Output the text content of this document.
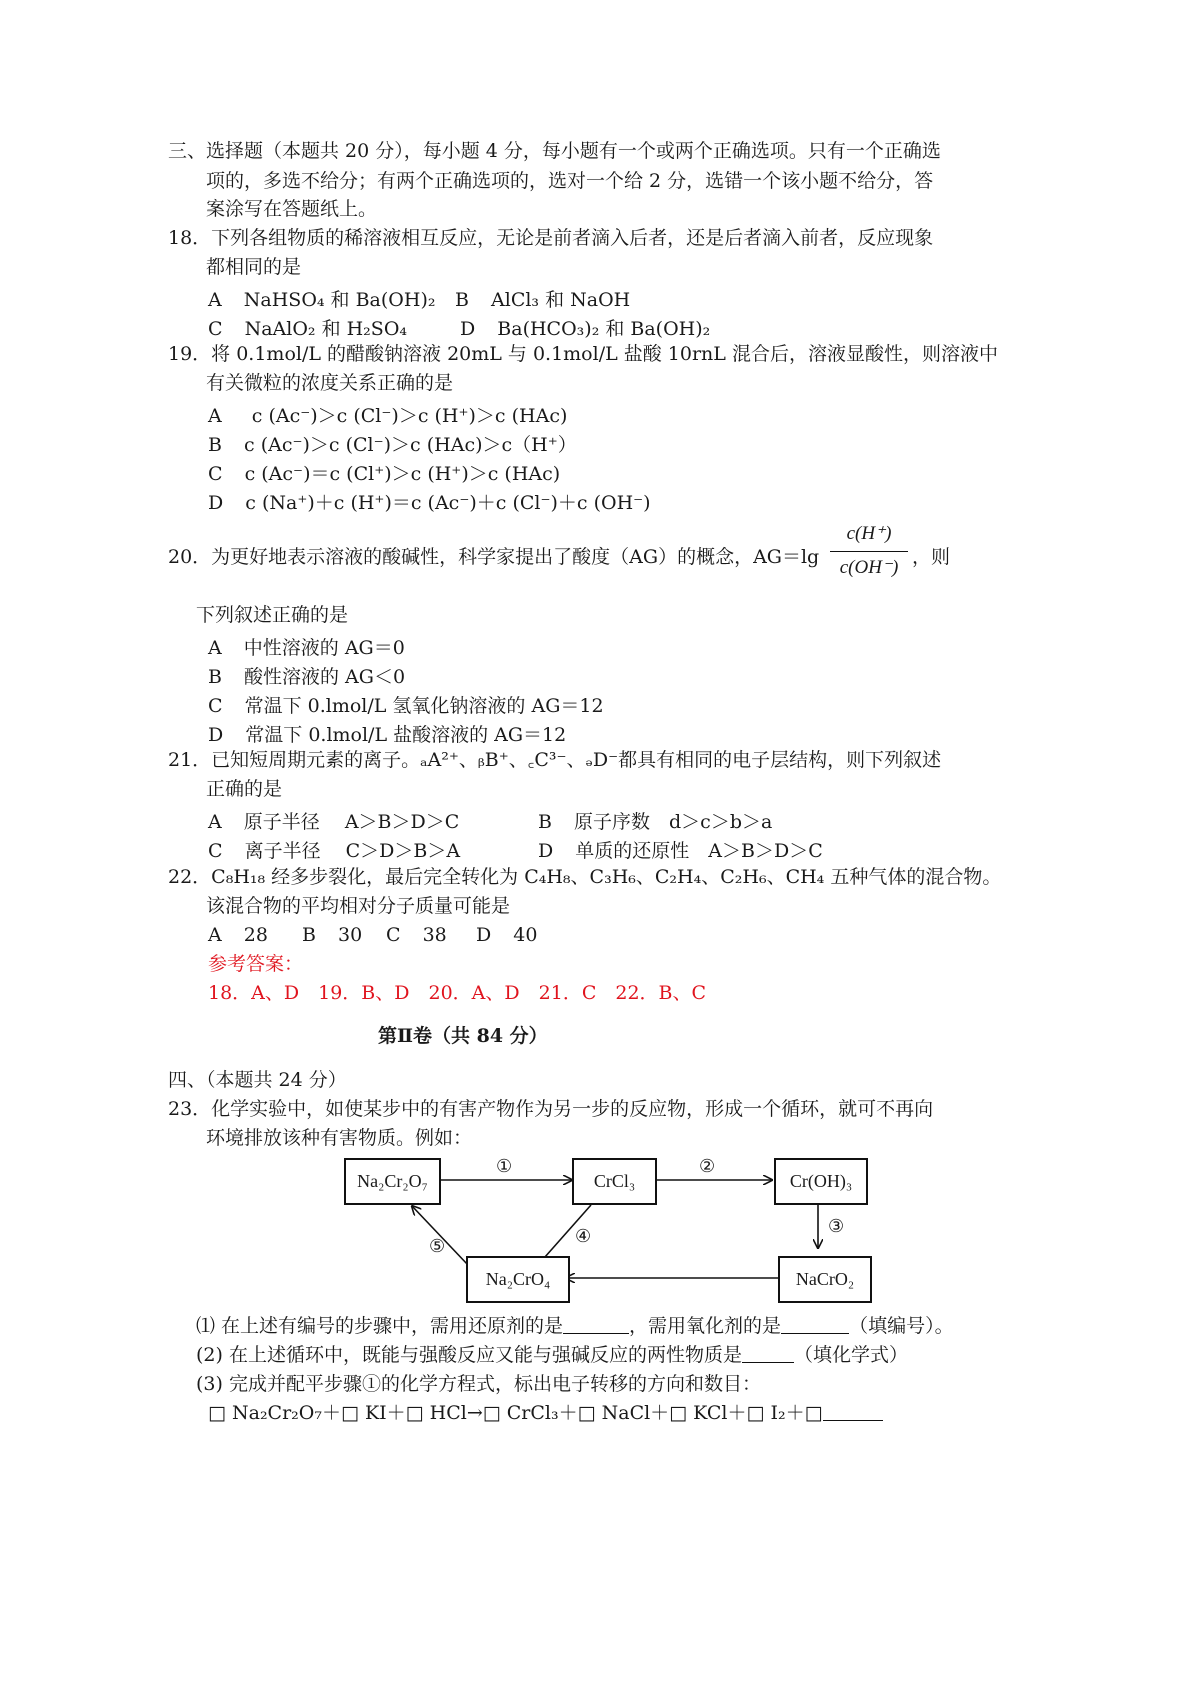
三、选择题（本题共 20 分），每小题 4 分，每小题有一个或两个正确选项。只有一个正确选
项的，多选不给分；有两个正确选项的，选对一个给 2 分，选错一个该小题不给分，答
案涂写在答题纸上。
18．下列各组物质的稀溶液相互反应，无论是前者滴入后者，还是后者滴入前者，反应现象
都相同的是
A NaHSO₄ 和 Ba(OH)₂ B AlCl₃ 和 NaOH
C NaAlO₂ 和 H₂SO₄	D Ba(HCO₃)₂ 和 Ba(OH)₂
19．将 0.1mol/L 的醋酸钠溶液 20mL 与 0.1mol/L 盐酸 10rnL 混合后，溶液显酸性，则溶液中
有关微粒的浓度关系正确的是
A c (Ac⁻)＞c (Cl⁻)＞c (H⁺)＞c (HAc)
B c (Ac⁻)＞c (Cl⁻)＞c (HAc)＞c（H⁺）
C c (Ac⁻)＝c (Cl⁺)＞c (H⁺)＞c (HAc)
D c (Na⁺)＋c (H⁺)＝c (Ac⁻)＋c (Cl⁻)＋c (OH⁻)
20．为更好地表示溶液的酸碱性，科学家提出了酸度（AG）的概念，AG＝lg
c(H⁺)
c(OH⁻) ，则
下列叙述正确的是
A 中性溶液的 AG＝0
B 酸性溶液的 AG＜0
C 常温下 0.lmol/L 氢氧化钠溶液的 AG＝12
D 常温下 0.lmol/L 盐酸溶液的 AG＝12
21．已知短周期元素的离子。ₐA²⁺、ᵦB⁺、꜀C³⁻、ₔD⁻都具有相同的电子层结构，则下列叙述
正确的是
A 原子半径　 A＞B＞D＞C	B 原子序数　d＞c＞b＞a
C 离子半径　 C＞D＞B＞A	D 单质的还原性　A＞B＞D＞C
22．C₈H₁₈ 经多步裂化，最后完全转化为 C₄H₈、C₃H₆、C₂H₄、C₂H₆、CH₄ 五种气体的混合物。
该混合物的平均相对分子质量可能是
A 28 B 30 C 38 D 40
参考答案：
18．A、D　19．B、D　20．A、D　21．C　22．B、C
第Ⅱ卷（共 84 分）
四、（本题共 24 分）
23．化学实验中，如使某步中的有害产物作为另一步的反应物，形成一个循环，就可不再向
环境排放该种有害物质。例如：
Na₂Cr₂O₇	CrCl₃	Cr(OH)₃
Na₂CrO₄	NaCrO₂
①	②
③
④
⑤
⑴ 在上述有编号的步骤中，需用还原剂的是	，需用氧化剂的是	（填编号）。
(2) 在上述循环中，既能与强酸反应又能与强碱反应的两性物质是	（填化学式）
(3) 完成并配平步骤①的化学方程式，标出电子转移的方向和数目：
□ Na₂Cr₂O₇＋□ KI＋□ HCl→□ CrCl₃＋□ NaCl＋□ KCl＋□ I₂＋□
